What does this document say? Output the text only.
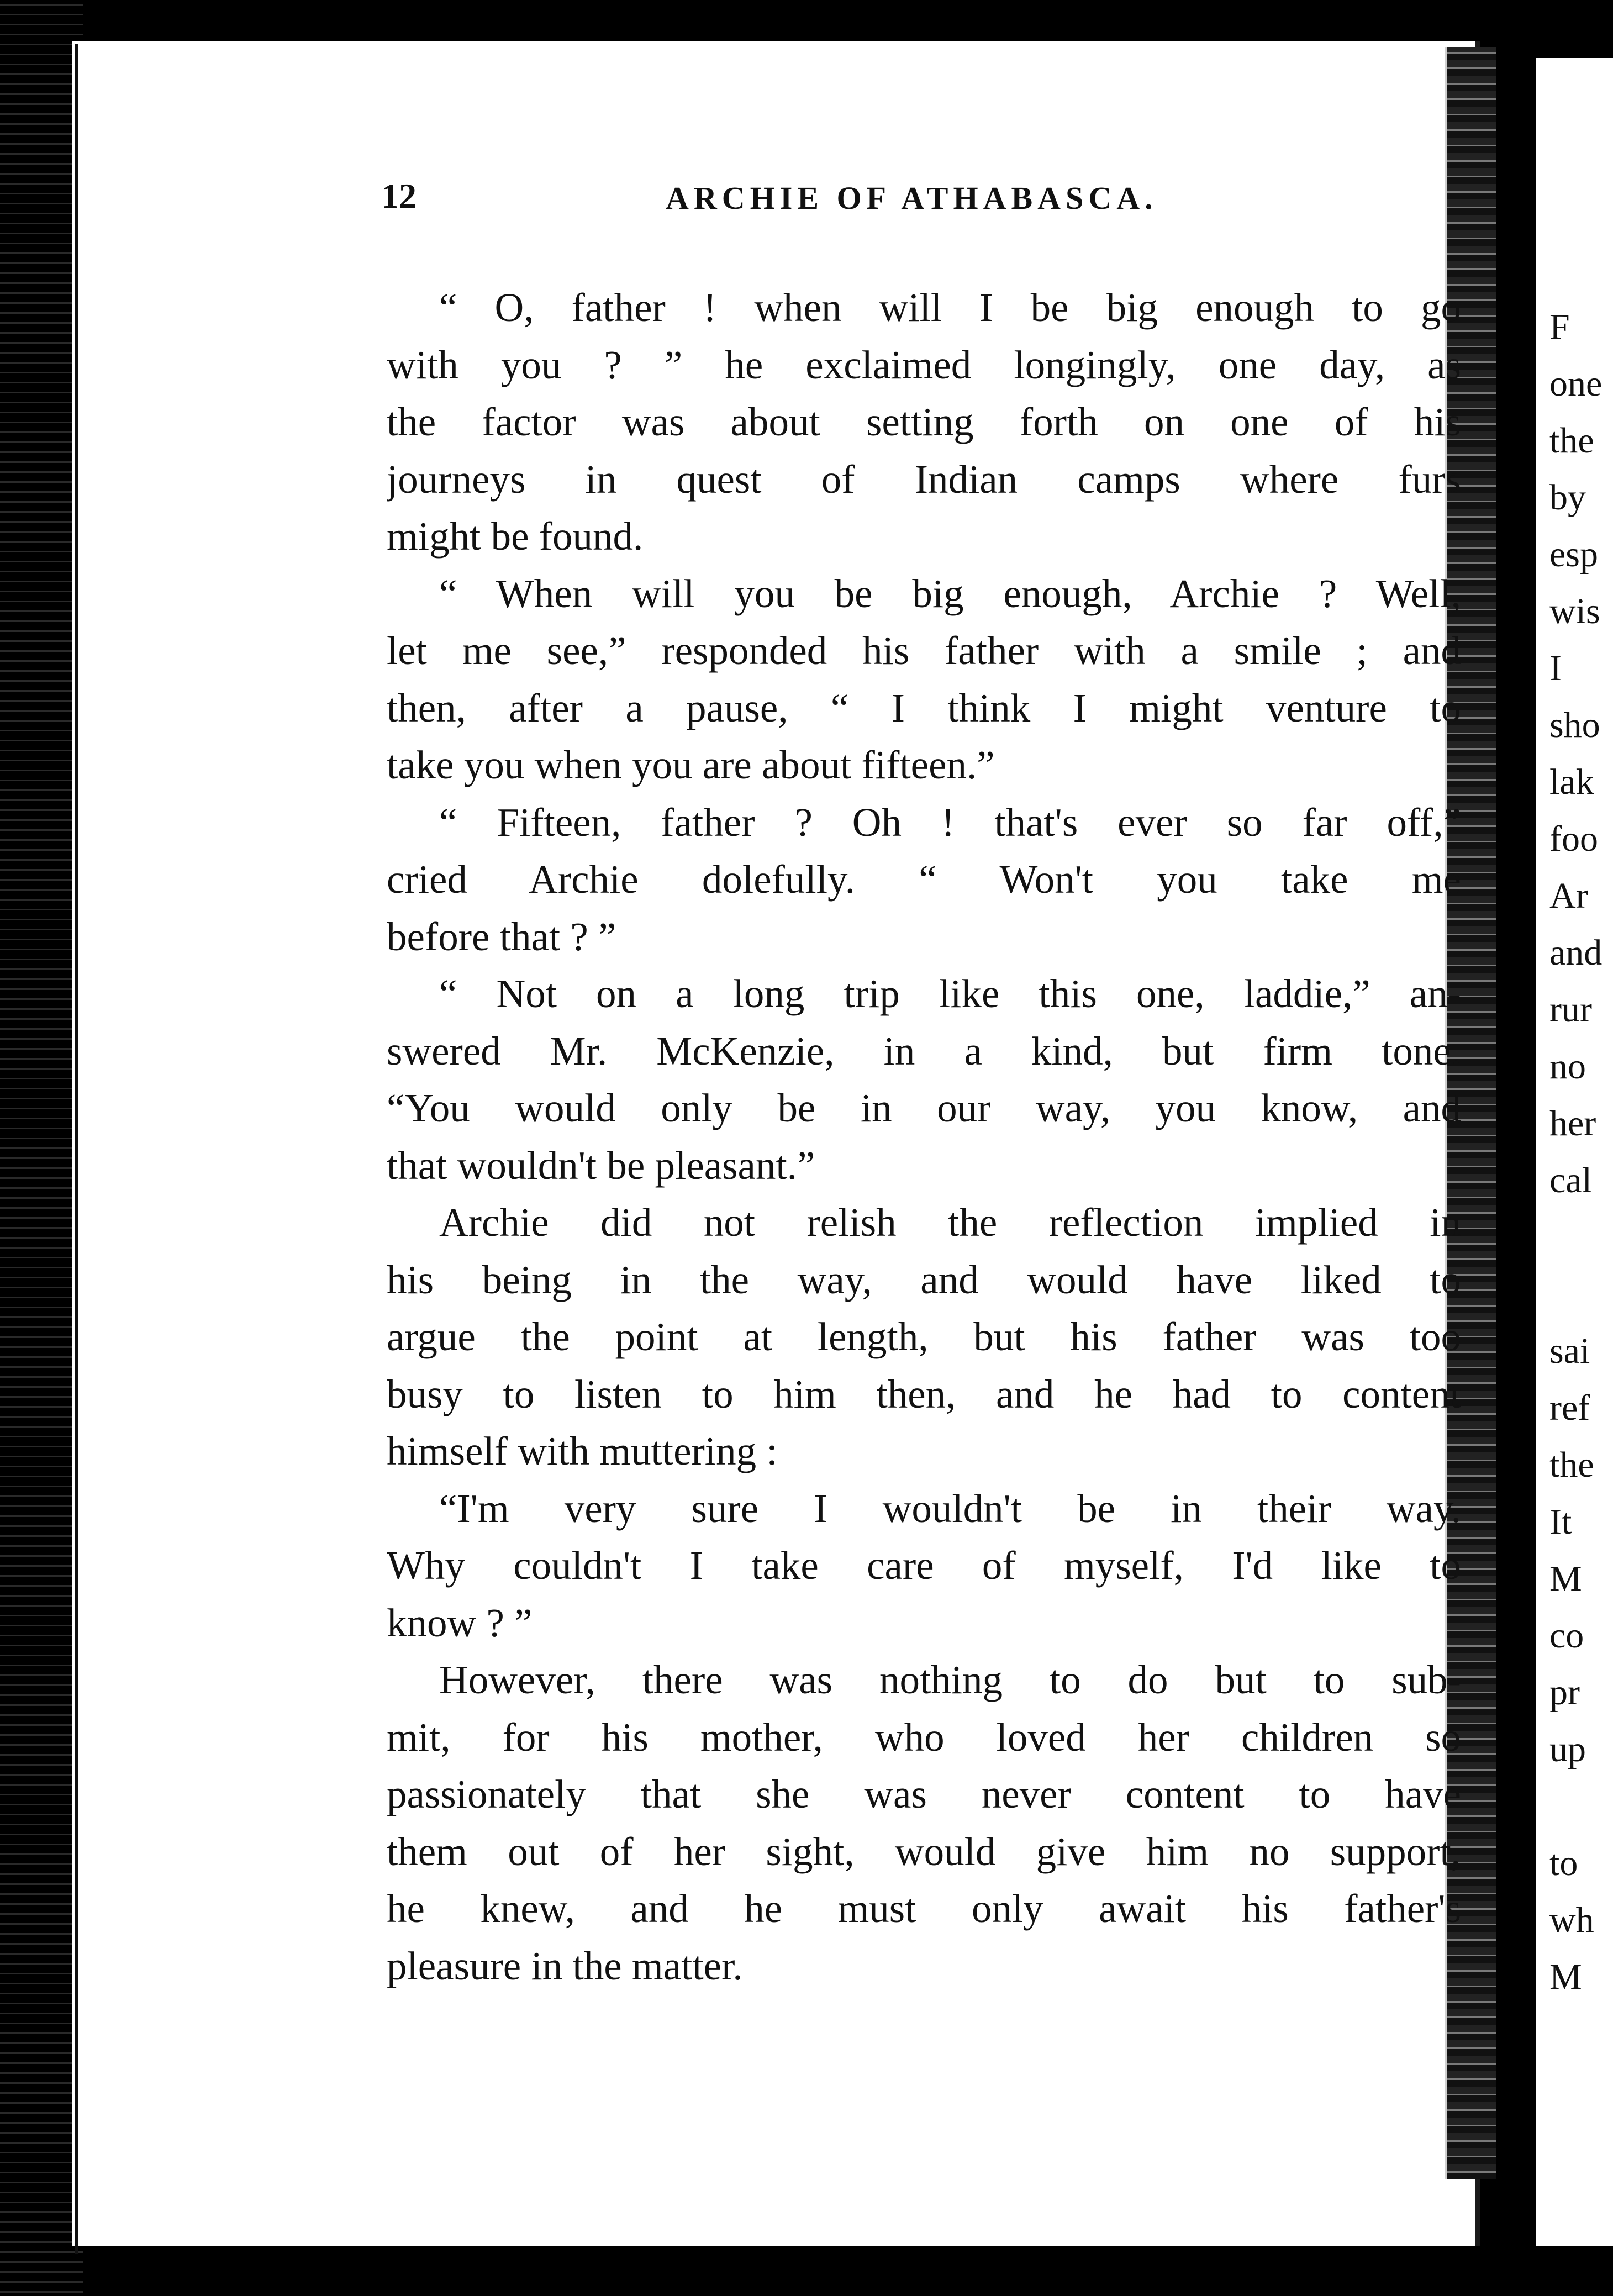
12	ARCHIE OF ATHABASCA.
“ O, father ! when will I be big enough to go
with you ? ” he exclaimed longingly, one day, as
the factor was about setting forth on one of his
journeys in quest of Indian camps where furs
might be found.
“ When will you be big enough, Archie ? Well,
let me see,” responded his father with a smile ; and
then, after a pause, “ I think I might venture to
take you when you are about fifteen.”
“ Fifteen, father ? Oh ! that's ever so far off,”
cried Archie dolefully. “ Won't you take me
before that ? ”
“ Not on a long trip like this one, laddie,” an-
swered Mr. McKenzie, in a kind, but firm tone.
“You would only be in our way, you know, and
that wouldn't be pleasant.”
Archie did not relish the reflection implied in
his being in the way, and would have liked to
argue the point at length, but his father was too
busy to listen to him then, and he had to content
himself with muttering :
“I'm very sure I wouldn't be in their way.
Why couldn't I take care of myself, I'd like to
know ? ”
However, there was nothing to do but to sub-
mit, for his mother, who loved her children so
passionately that she was never content to have
them out of her sight, would give him no support,
he knew, and he must only await his father's
pleasure in the matter.
F
one
the
by
esp
wis
I
sho
lak
foo
Ar
and
rur
no
her
cal
sai
ref
the
It
M
co
pr
up
to
wh
M
